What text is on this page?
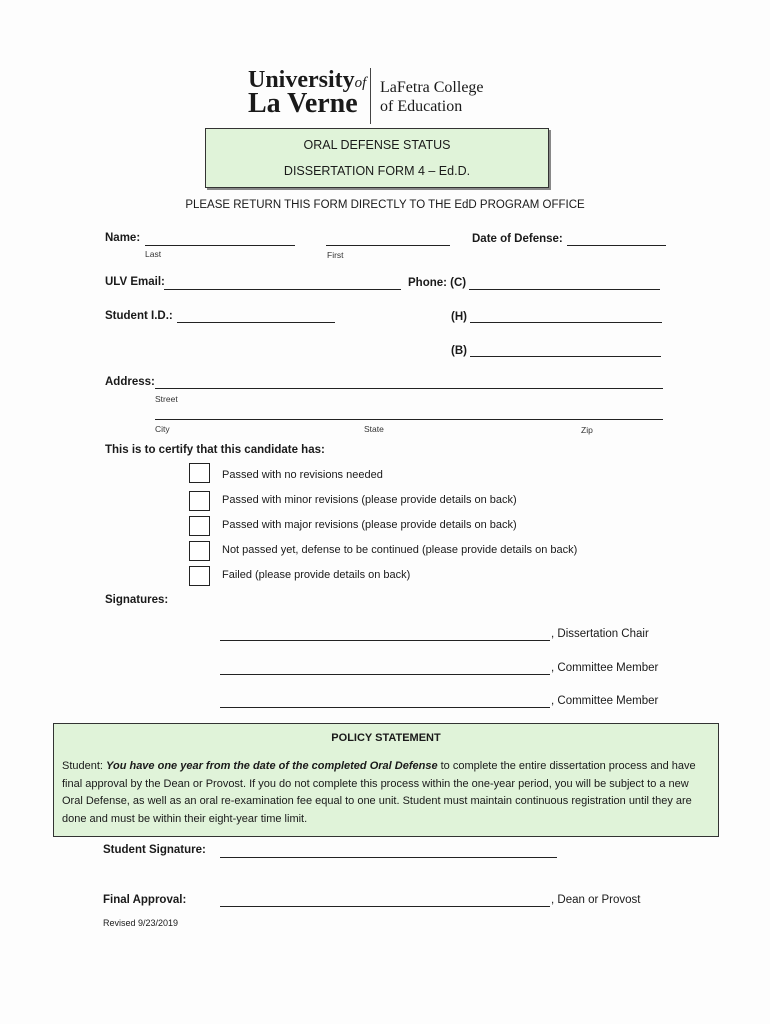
Universityof
La Verne
LaFetra College
of Education
ORAL DEFENSE STATUS
DISSERTATION FORM 4 – Ed.D.
PLEASE RETURN THIS FORM DIRECTLY TO THE EdD PROGRAM OFFICE
Name:
Last	First
Date of Defense:
ULV Email:	Phone: (C)
Student I.D.:	(H)
(B)
Address:
Street
City	State	Zip
This is to certify that this candidate has:
Passed with no revisions needed
Passed with minor revisions (please provide details on back)
Passed with major revisions (please provide details on back)
Not passed yet, defense to be continued (please provide details on back)
Failed (please provide details on back)
Signatures:
, Dissertation Chair
, Committee Member
, Committee Member
POLICY STATEMENT
Student: You have one year from the date of the completed Oral Defense to complete the entire dissertation process and have final approval by the Dean or Provost. If you do not complete this process within the one-year period, you will be subject to a new Oral Defense, as well as an oral re-examination fee equal to one unit. Student must maintain continuous registration until they are done and must be within their eight-year time limit.
Student Signature:
Final Approval:	, Dean or Provost
Revised 9/23/2019
